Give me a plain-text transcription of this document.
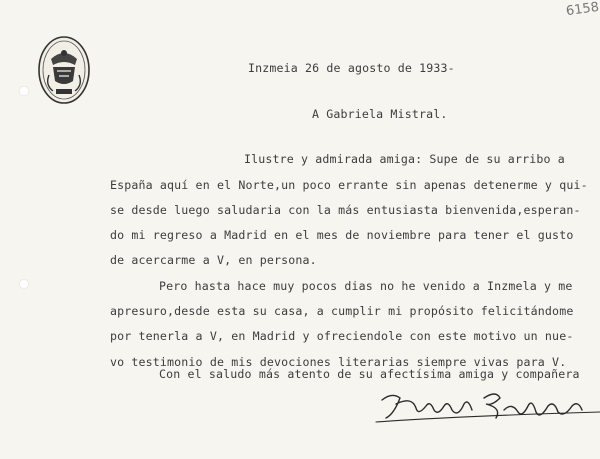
6158
Inzmeia 26 de agosto de 1933-
A Gabriela Mistral.
Ilustre y admirada amiga: Supe de su arribo a
España aquí en el Norte,un poco errante sin apenas detenerme y qui-
se desde luego saludaria con la más entusiasta bienvenida,esperan-
do mi regreso a Madrid en el mes de noviembre para tener el gusto
de acercarme a V, en persona.
Pero hasta hace muy pocos dias no he venido a Inzmela y me
apresuro,desde esta su casa, a cumplir mi propósito felicitándome
por tenerla a V, en Madrid y ofreciendole con este motivo un nue-
vo testimonio de mis devociones literarias siempre vivas para V.
Con el saludo más atento de su afectísima amiga y compañera
